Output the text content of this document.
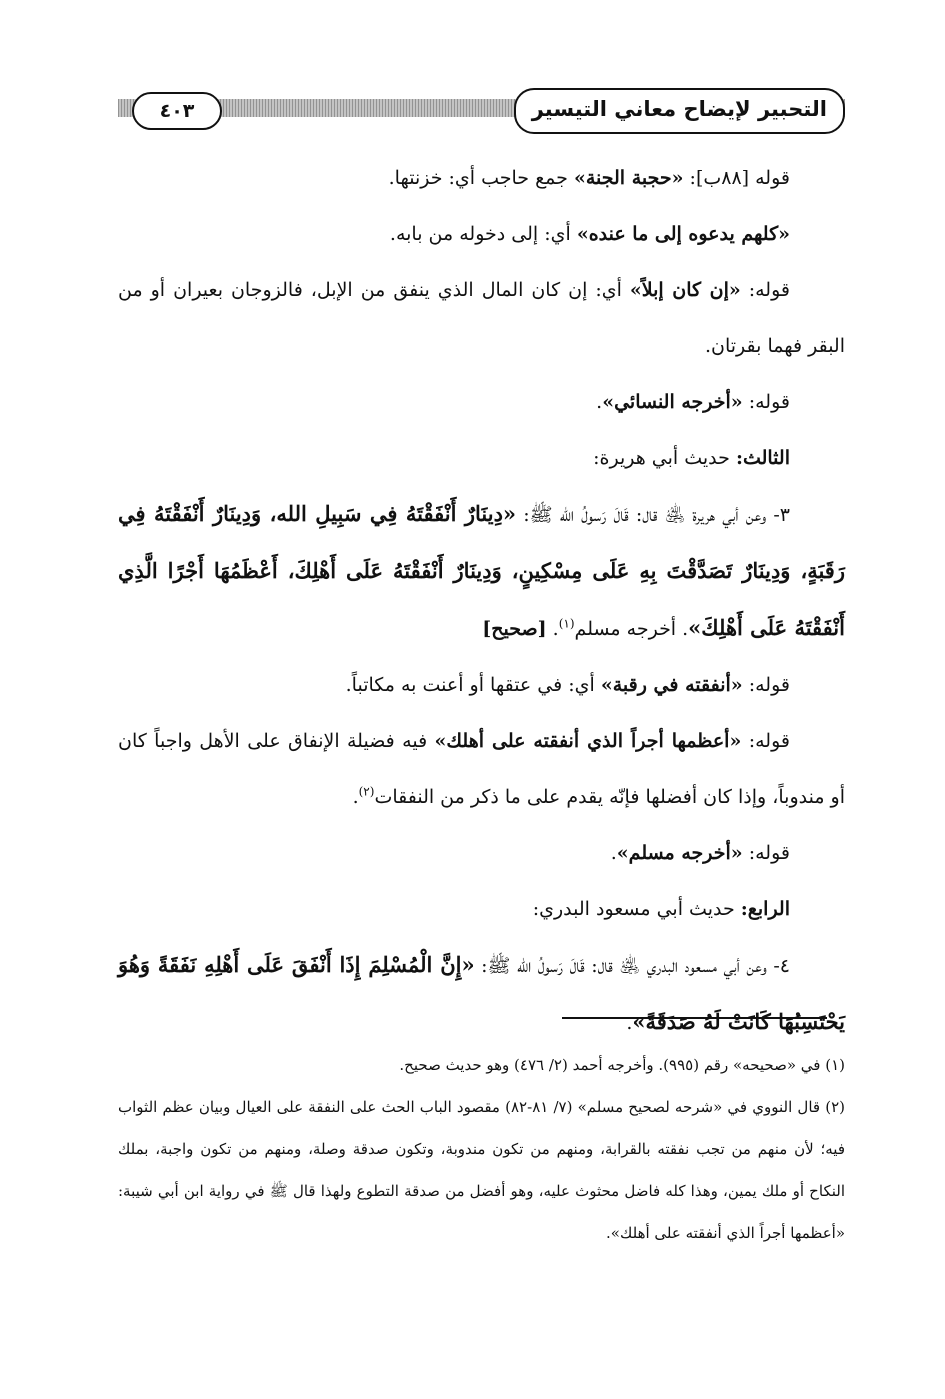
التحبير لإيضاح معاني التيسير
٤٠٣

قوله [٨٨ب]: «حجبة الجنة» جمع حاجب أي: خزنتها.

«كلهم يدعوه إلى ما عنده» أي: إلى دخوله من بابه.

قوله: «إن كان إبلاً» أي: إن كان المال الذي ينفق من الإبل، فالزوجان بعيران أو من البقر فهما بقرتان.

قوله: «أخرجه النسائي».

الثالث: حديث أبي هريرة:

٣- وعن أبي هريرة ﵁ قال: قَالَ رَسولُ الله ﷺ: «دِينَارٌ أَنْفَقْتَهُ فِي سَبِيلِ الله، وَدِينَارٌ أَنْفَقْتَهُ فِي رَقَبَةٍ، وَدِينَارٌ تَصَدَّقْتَ بِهِ عَلَى مِسْكِينٍ، وَدِينَارٌ أَنْفَقْتَهُ عَلَى أَهْلِكَ، أَعْظَمُهَا أَجْرًا الَّذِي أَنْفَقْتَهُ عَلَى أَهْلِكَ». أخرجه مسلم$^{(١)}$. [صحيح]

قوله: «أنفقته في رقبة» أي: في عتقها أو أعنت به مكاتباً.

قوله: «أعظمها أجراً الذي أنفقته على أهلك» فيه فضيلة الإنفاق على الأهل واجباً كان أو مندوباً، وإذا كان أفضلها فإنّه يقدم على ما ذكر من النفقات$^{(٢)}$.

قوله: «أخرجه مسلم».

الرابع: حديث أبي مسعود البدري:

٤- وعن أبي مسعود البدري ﵁ قال: قَالَ رَسولُ الله ﷺ: «إِنَّ الْمُسْلِمَ إِذَا أَنْفَقَ عَلَى أَهْلِهِ نَفَقَةً وَهُوَ يَحْتَسِبُهَا كَانَتْ لَهُ صَدَقَةً».

(١) في «صحيحه» رقم (٩٩٥). وأخرجه أحمد (٢/ ٤٧٦) وهو حديث صحيح.

(٢) قال النووي في «شرحه لصحيح مسلم» (٧/ ٨١-٨٢) مقصود الباب الحث على النفقة على العيال وبيان عظم الثواب فيه؛ لأن منهم من تجب نفقته بالقرابة، ومنهم من تكون مندوبة، وتكون صدقة وصلة، ومنهم من تكون واجبة، بملك النكاح أو ملك يمين، وهذا كله فاضل محثوث عليه، وهو أفضل من صدقة التطوع ولهذا قال ﷺ في رواية ابن أبي شيبة: «أعظمها أجراً الذي أنفقته على أهلك».
